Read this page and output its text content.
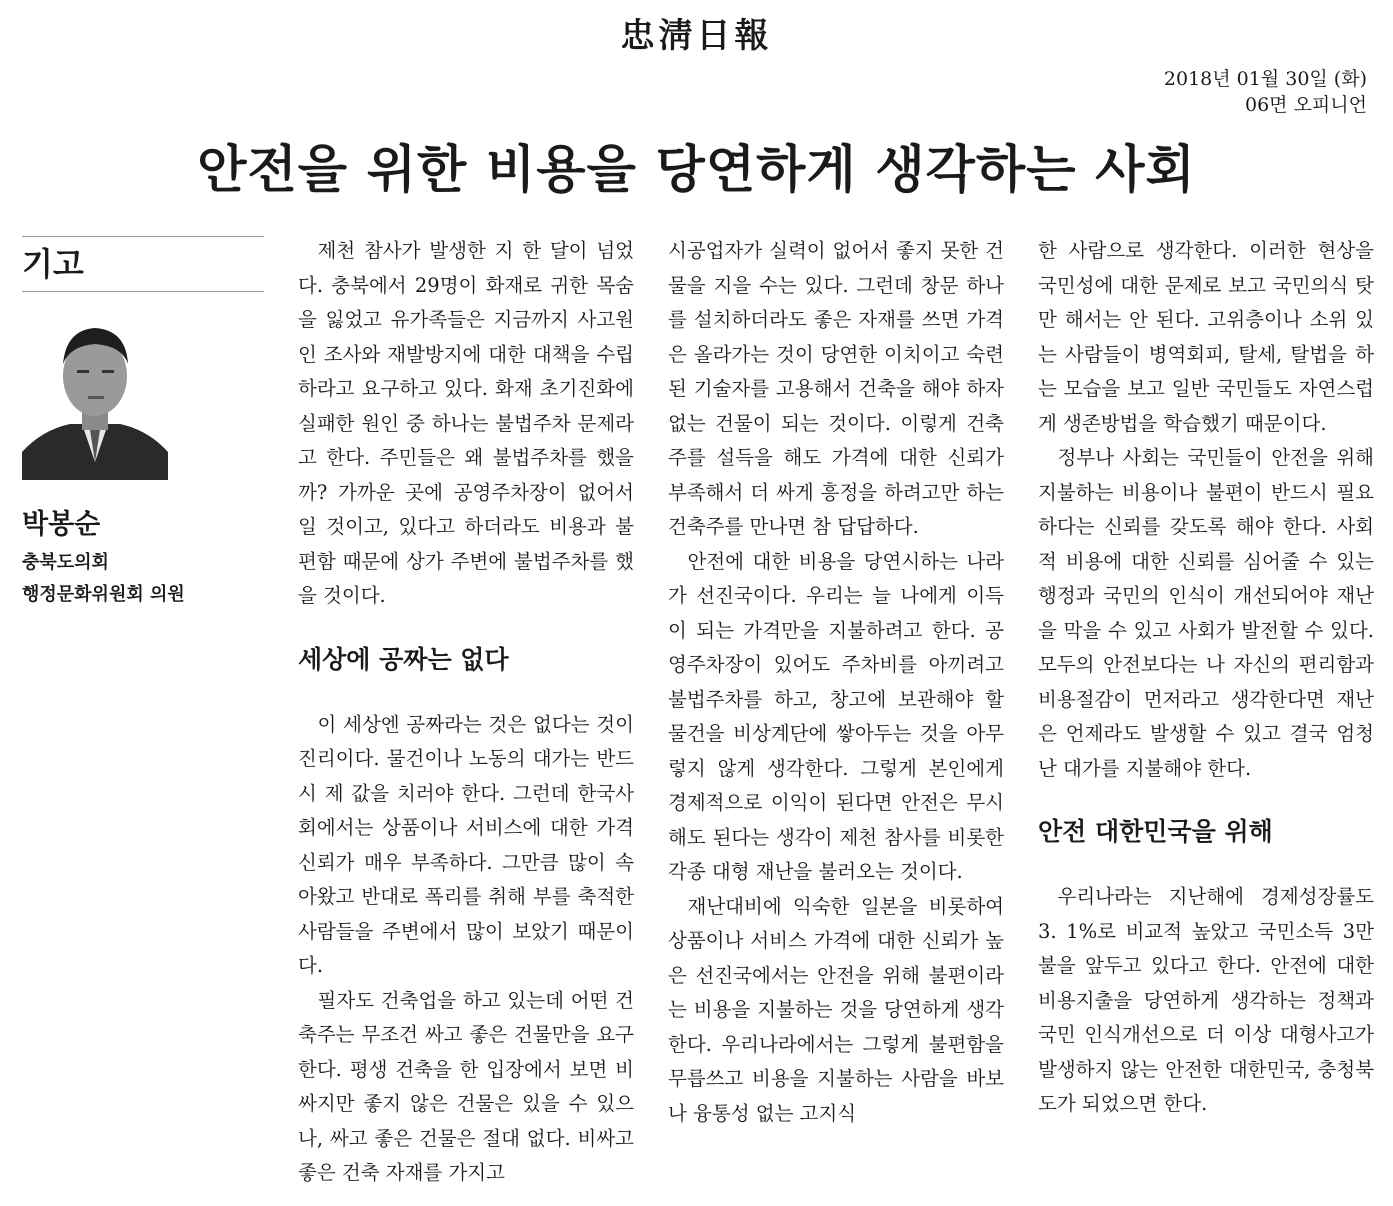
忠淸日報
2018년 01월 30일 (화)
06면 오피니언
안전을 위한 비용을 당연하게 생각하는 사회
기고
박봉순
충북도의회
행정문화위원회 의원

제천 참사가 발생한 지 한 달이 넘었다. 충북에서 29명이 화재로 귀한 목숨을 잃었고 유가족들은 지금까지 사고원인 조사와 재발방지에 대한 대책을 수립하라고 요구하고 있다. 화재 초기진화에 실패한 원인 중 하나는 불법주차 문제라고 한다. 주민들은 왜 불법주차를 했을까? 가까운 곳에 공영주차장이 없어서일 것이고, 있다고 하더라도 비용과 불편함 때문에 상가 주변에 불법주차를 했을 것이다.

세상에 공짜는 없다

이 세상엔 공짜라는 것은 없다는 것이 진리이다. 물건이나 노동의 대가는 반드시 제 값을 치러야 한다. 그런데 한국사회에서는 상품이나 서비스에 대한 가격신뢰가 매우 부족하다. 그만큼 많이 속아왔고 반대로 폭리를 취해 부를 축적한 사람들을 주변에서 많이 보았기 때문이다.

필자도 건축업을 하고 있는데 어떤 건축주는 무조건 싸고 좋은 건물만을 요구한다. 평생 건축을 한 입장에서 보면 비싸지만 좋지 않은 건물은 있을 수 있으나, 싸고 좋은 건물은 절대 없다. 비싸고 좋은 건축 자재를 가지고

시공업자가 실력이 없어서 좋지 못한 건물을 지을 수는 있다. 그런데 창문 하나를 설치하더라도 좋은 자재를 쓰면 가격은 올라가는 것이 당연한 이치이고 숙련된 기술자를 고용해서 건축을 해야 하자 없는 건물이 되는 것이다. 이렇게 건축주를 설득을 해도 가격에 대한 신뢰가 부족해서 더 싸게 흥정을 하려고만 하는 건축주를 만나면 참 답답하다.

안전에 대한 비용을 당연시하는 나라가 선진국이다. 우리는 늘 나에게 이득이 되는 가격만을 지불하려고 한다. 공영주차장이 있어도 주차비를 아끼려고 불법주차를 하고, 창고에 보관해야 할 물건을 비상계단에 쌓아두는 것을 아무렇지 않게 생각한다. 그렇게 본인에게 경제적으로 이익이 된다면 안전은 무시해도 된다는 생각이 제천 참사를 비롯한 각종 대형 재난을 불러오는 것이다.

재난대비에 익숙한 일본을 비롯하여 상품이나 서비스 가격에 대한 신뢰가 높은 선진국에서는 안전을 위해 불편이라는 비용을 지불하는 것을 당연하게 생각한다. 우리나라에서는 그렇게 불편함을 무릅쓰고 비용을 지불하는 사람을 바보나 융통성 없는 고지식

한 사람으로 생각한다. 이러한 현상을 국민성에 대한 문제로 보고 국민의식 탓만 해서는 안 된다. 고위층이나 소위 있는 사람들이 병역회피, 탈세, 탈법을 하는 모습을 보고 일반 국민들도 자연스럽게 생존방법을 학습했기 때문이다.

정부나 사회는 국민들이 안전을 위해 지불하는 비용이나 불편이 반드시 필요하다는 신뢰를 갖도록 해야 한다. 사회적 비용에 대한 신뢰를 심어줄 수 있는 행정과 국민의 인식이 개선되어야 재난을 막을 수 있고 사회가 발전할 수 있다. 모두의 안전보다는 나 자신의 편리함과 비용절감이 먼저라고 생각한다면 재난은 언제라도 발생할 수 있고 결국 엄청난 대가를 지불해야 한다.

안전 대한민국을 위해

우리나라는 지난해에 경제성장률도 3. 1%로 비교적 높았고 국민소득 3만 불을 앞두고 있다고 한다. 안전에 대한 비용지출을 당연하게 생각하는 정책과 국민 인식개선으로 더 이상 대형사고가 발생하지 않는 안전한 대한민국, 충청북도가 되었으면 한다.
